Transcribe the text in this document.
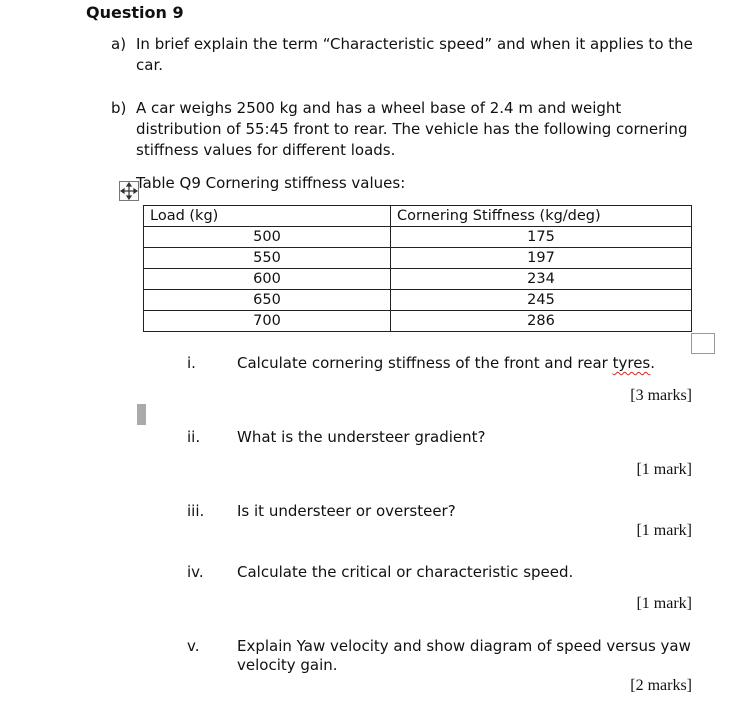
Question 9
a) In brief explain the term “Characteristic speed” and when it applies to the
car.
b) A car weighs 2500 kg and has a wheel base of 2.4 m and weight
distribution of 55:45 front to rear. The vehicle has the following cornering
stiffness values for different loads.
Table Q9 Cornering stiffness values:
Load (kg)	Cornering Stiffness (kg/deg)
500	175
550	197
600	234
650	245
700	286
i.	Calculate cornering stiffness of the front and rear tyres.
[3 marks]
ii. What is the understeer gradient?
[1 mark]
iii. Is it understeer or oversteer?
[1 mark]
iv. Calculate the critical or characteristic speed.
[1 mark]
v.	Explain Yaw velocity and show diagram of speed versus yaw
velocity gain.
[2 marks]
